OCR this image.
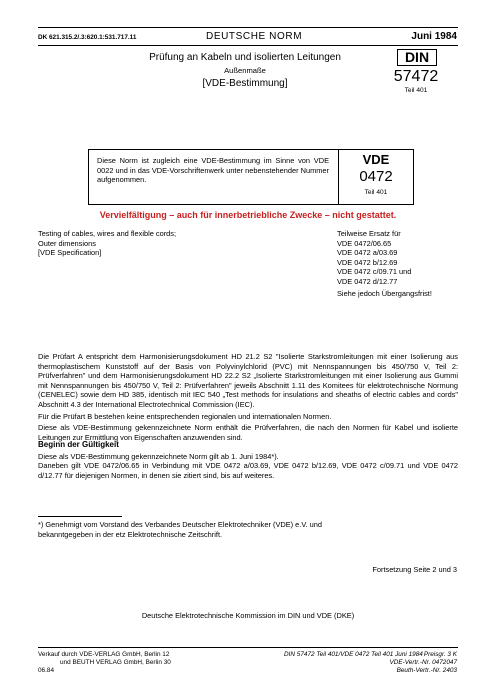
DK 621.315.2/.3:620.1:531.717.11	DEUTSCHE NORM	Juni 1984
Prüfung an Kabeln und isolierten Leitungen
Außenmaße
[VDE-Bestimmung]
DIN
57472
Teil 401
Diese Norm ist zugleich eine VDE-Bestimmung im Sinne von VDE 0022 und in das VDE-Vorschriftenwerk unter nebenstehender Nummer aufgenommen.
VDE
0472
Teil 401
Vervielfältigung – auch für innerbetriebliche Zwecke – nicht gestattet.
Testing of cables, wires and flexible cords;
Outer dimensions
[VDE Specification]
Teilweise Ersatz für
VDE 0472/06.65
VDE 0472 a/03.69
VDE 0472 b/12.69
VDE 0472 c/09.71 und
VDE 0472 d/12.77
Siehe jedoch Übergangsfrist!
Die Prüfart A entspricht dem Harmonisierungsdokument HD 21.2 S2 "Isolierte Starkstromleitungen mit einer Isolierung aus thermoplastischem Kunststoff auf der Basis von Polyvinylchlorid (PVC) mit Nennspannungen bis 450/750 V, Teil 2: Prüfverfahren" und dem Harmonisierungsdokument HD 22.2 S2 „Isolierte Starkstromleitungen mit einer Isolierung aus Gummi mit Nennspannungen bis 450/750 V, Teil 2: Prüfverfahren" jeweils Abschnitt 1.11 des Komitees für elektrotechnische Normung (CENELEC) sowie dem HD 385, identisch mit IEC 540 „Test methods for insulations and sheaths of electric cables and cords" Abschnitt 4.3 der International Electrotechnical Commission (IEC).
Für die Prüfart B bestehen keine entsprechenden regionalen und internationalen Normen.
Diese als VDE-Bestimmung gekennzeichnete Norm enthält die Prüfverfahren, die nach den Normen für Kabel und isolierte Leitungen zur Ermittlung von Eigenschaften anzuwenden sind.
Beginn der Gültigkeit
Diese als VDE-Bestimmung gekennzeichnete Norm gilt ab 1. Juni 1984*).
Daneben gilt VDE 0472/06.65 in Verbindung mit VDE 0472 a/03.69, VDE 0472 b/12.69, VDE 0472 c/09.71 und VDE 0472 d/12.77 für diejenigen Normen, in denen sie zitiert sind, bis auf weiteres.
*) Genehmigt vom Vorstand des Verbandes Deutscher Elektrotechniker (VDE) e.V. und bekanntgegeben in der etz Elektrotechnische Zeitschrift.
Fortsetzung Seite 2 und 3
Deutsche Elektrotechnische Kommission im DIN und VDE (DKE)
Verkauf durch VDE-VERLAG GmbH, Berlin 12
und BEUTH VERLAG GmbH, Berlin 30
06.84
DIN 57472 Teil 401/VDE 0472 Teil 401 Juni 1984 Preisgr. 3 K
VDE-Vertr.-Nr. 0472047
Beuth-Vertr.-Nr. 2403
